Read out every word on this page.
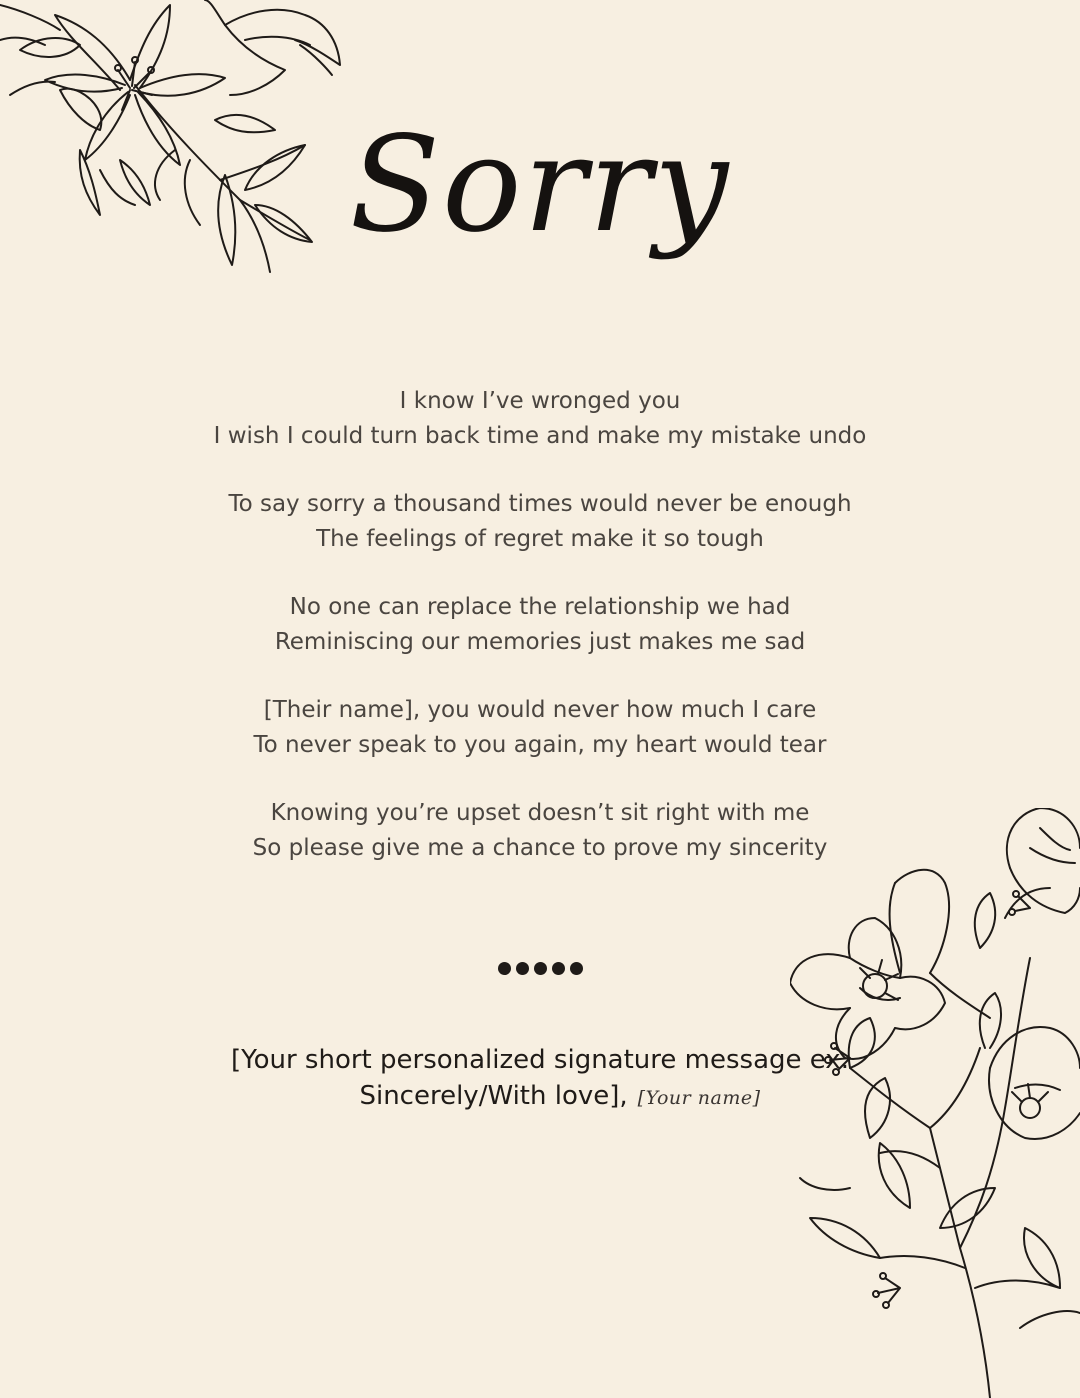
Sorry
I know I’ve wronged you
I wish I could turn back time and make my mistake undo
To say sorry a thousand times would never be enough
The feelings of regret make it so tough
No one can replace the relationship we had
Reminiscing our memories just makes me sad
[Their name], you would never how much I care
To never speak to you again, my heart would tear
Knowing you’re upset doesn’t sit right with me
So please give me a chance to prove my sincerity
[Your short personalized signature message ex.
Sincerely/With love], [Your name]
